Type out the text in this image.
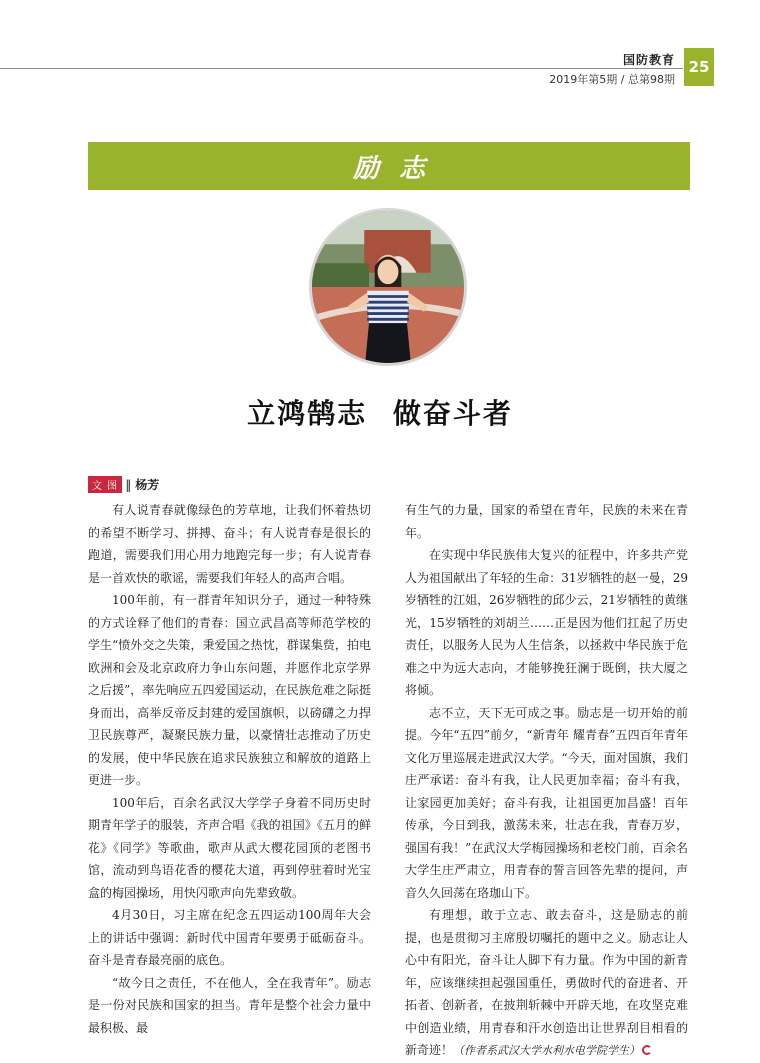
国防教育
2019年第5期 / 总第98期
25
励志
立鸿鹄志 做奋斗者
文 图 ‖ 杨芳

有人说青春就像绿色的芳草地，让我们怀着热切的希望不断学习、拼搏、奋斗；有人说青春是很长的跑道，需要我们用心用力地跑完每一步；有人说青春是一首欢快的歌谣，需要我们年轻人的高声合唱。

100年前，有一群青年知识分子，通过一种特殊的方式诠释了他们的青春：国立武昌高等师范学校的学生“愤外交之失策，秉爱国之热忱，群谋集赀，拍电欧洲和会及北京政府力争山东问题，并愿作北京学界之后援”，率先响应五四爱国运动，在民族危难之际挺身而出，高举反帝反封建的爱国旗帜，以磅礴之力捍卫民族尊严，凝聚民族力量，以豪情壮志推动了历史的发展，使中华民族在追求民族独立和解放的道路上更进一步。

100年后，百余名武汉大学学子身着不同历史时期青年学子的服装，齐声合唱《我的祖国》《五月的鲜花》《同学》等歌曲，歌声从武大樱花园顶的老图书馆，流动到鸟语花香的樱花大道，再到停驻着时光宝盒的梅园操场，用快闪歌声向先辈致敬。

4月30日，习主席在纪念五四运动100周年大会上的讲话中强调：新时代中国青年要勇于砥砺奋斗。奋斗是青春最亮丽的底色。

“故今日之责任，不在他人，全在我青年”。励志是一份对民族和国家的担当。青年是整个社会力量中最积极、最

有生气的力量，国家的希望在青年，民族的未来在青年。

在实现中华民族伟大复兴的征程中，许多共产党人为祖国献出了年轻的生命：31岁牺牲的赵一曼，29岁牺牲的江姐，26岁牺牲的邱少云，21岁牺牲的黄继光，15岁牺牲的刘胡兰……正是因为他们扛起了历史责任，以服务人民为人生信条，以拯救中华民族于危难之中为远大志向，才能够挽狂澜于既倒，扶大厦之将倾。

志不立，天下无可成之事。励志是一切开始的前提。今年“五四”前夕，“新青年 耀青春”五四百年青年文化万里巡展走进武汉大学。“今天，面对国旗，我们庄严承诺：奋斗有我，让人民更加幸福；奋斗有我，让家园更加美好；奋斗有我，让祖国更加昌盛！百年传承，今日到我，激荡未来，壮志在我，青春万岁，强国有我！”在武汉大学梅园操场和老校门前，百余名大学生庄严肃立，用青春的誓言回答先辈的提问，声音久久回荡在珞珈山下。

有理想，敢于立志、敢去奋斗，这是励志的前提，也是贯彻习主席殷切嘱托的题中之义。励志让人心中有阳光，奋斗让人脚下有力量。作为中国的新青年，应该继续担起强国重任，勇做时代的奋进者、开拓者、创新者，在披荆斩棘中开辟天地，在攻坚克难中创造业绩，用青春和汗水创造出让世界刮目相看的新奇迹！（作者系武汉大学水利水电学院学生）
